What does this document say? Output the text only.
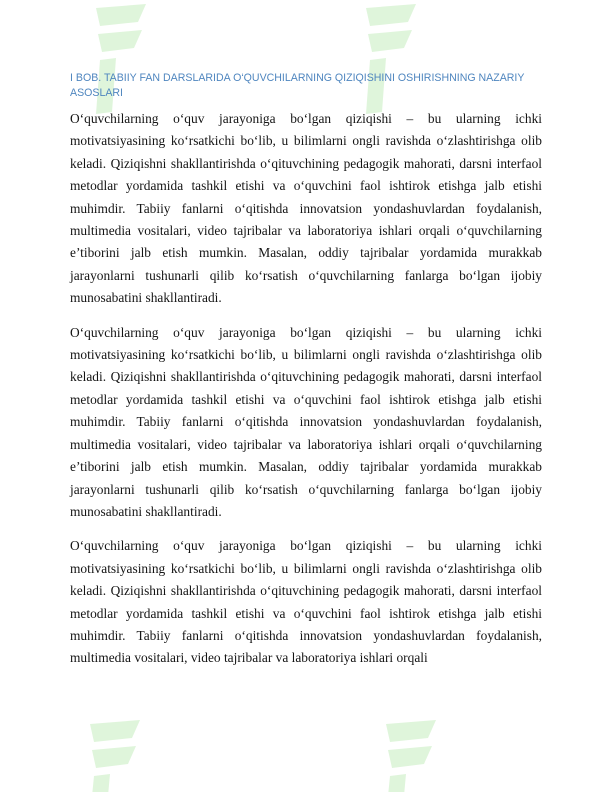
I BOB. TABIIY FAN DARSLARIDA O‘QUVCHILARNING QIZIQISHINI OSHIRISHNING NAZARIY ASOSLARI

O‘quvchilarning o‘quv jarayoniga bo‘lgan qiziqishi – bu ularning ichki motivatsiyasining ko‘rsatkichi bo‘lib, u bilimlarni ongli ravishda o‘zlashtirishga olib keladi. Qiziqishni shakllantirishda o‘qituvchining pedagogik mahorati, darsni interfaol metodlar yordamida tashkil etishi va o‘quvchini faol ishtirok etishga jalb etishi muhimdir. Tabiiy fanlarni o‘qitishda innovatsion yondashuvlardan foydalanish, multimedia vositalari, video tajribalar va laboratoriya ishlari orqali o‘quvchilarning e’tiborini jalb etish mumkin. Masalan, oddiy tajribalar yordamida murakkab jarayonlarni tushunarli qilib ko‘rsatish o‘quvchilarning fanlarga bo‘lgan ijobiy munosabatini shakllantiradi.

O‘quvchilarning o‘quv jarayoniga bo‘lgan qiziqishi – bu ularning ichki motivatsiyasining ko‘rsatkichi bo‘lib, u bilimlarni ongli ravishda o‘zlashtirishga olib keladi. Qiziqishni shakllantirishda o‘qituvchining pedagogik mahorati, darsni interfaol metodlar yordamida tashkil etishi va o‘quvchini faol ishtirok etishga jalb etishi muhimdir. Tabiiy fanlarni o‘qitishda innovatsion yondashuvlardan foydalanish, multimedia vositalari, video tajribalar va laboratoriya ishlari orqali o‘quvchilarning e’tiborini jalb etish mumkin. Masalan, oddiy tajribalar yordamida murakkab jarayonlarni tushunarli qilib ko‘rsatish o‘quvchilarning fanlarga bo‘lgan ijobiy munosabatini shakllantiradi.

O‘quvchilarning o‘quv jarayoniga bo‘lgan qiziqishi – bu ularning ichki motivatsiyasining ko‘rsatkichi bo‘lib, u bilimlarni ongli ravishda o‘zlashtirishga olib keladi. Qiziqishni shakllantirishda o‘qituvchining pedagogik mahorati, darsni interfaol metodlar yordamida tashkil etishi va o‘quvchini faol ishtirok etishga jalb etishi muhimdir. Tabiiy fanlarni o‘qitishda innovatsion yondashuvlardan foydalanish, multimedia vositalari, video tajribalar va laboratoriya ishlari orqali
